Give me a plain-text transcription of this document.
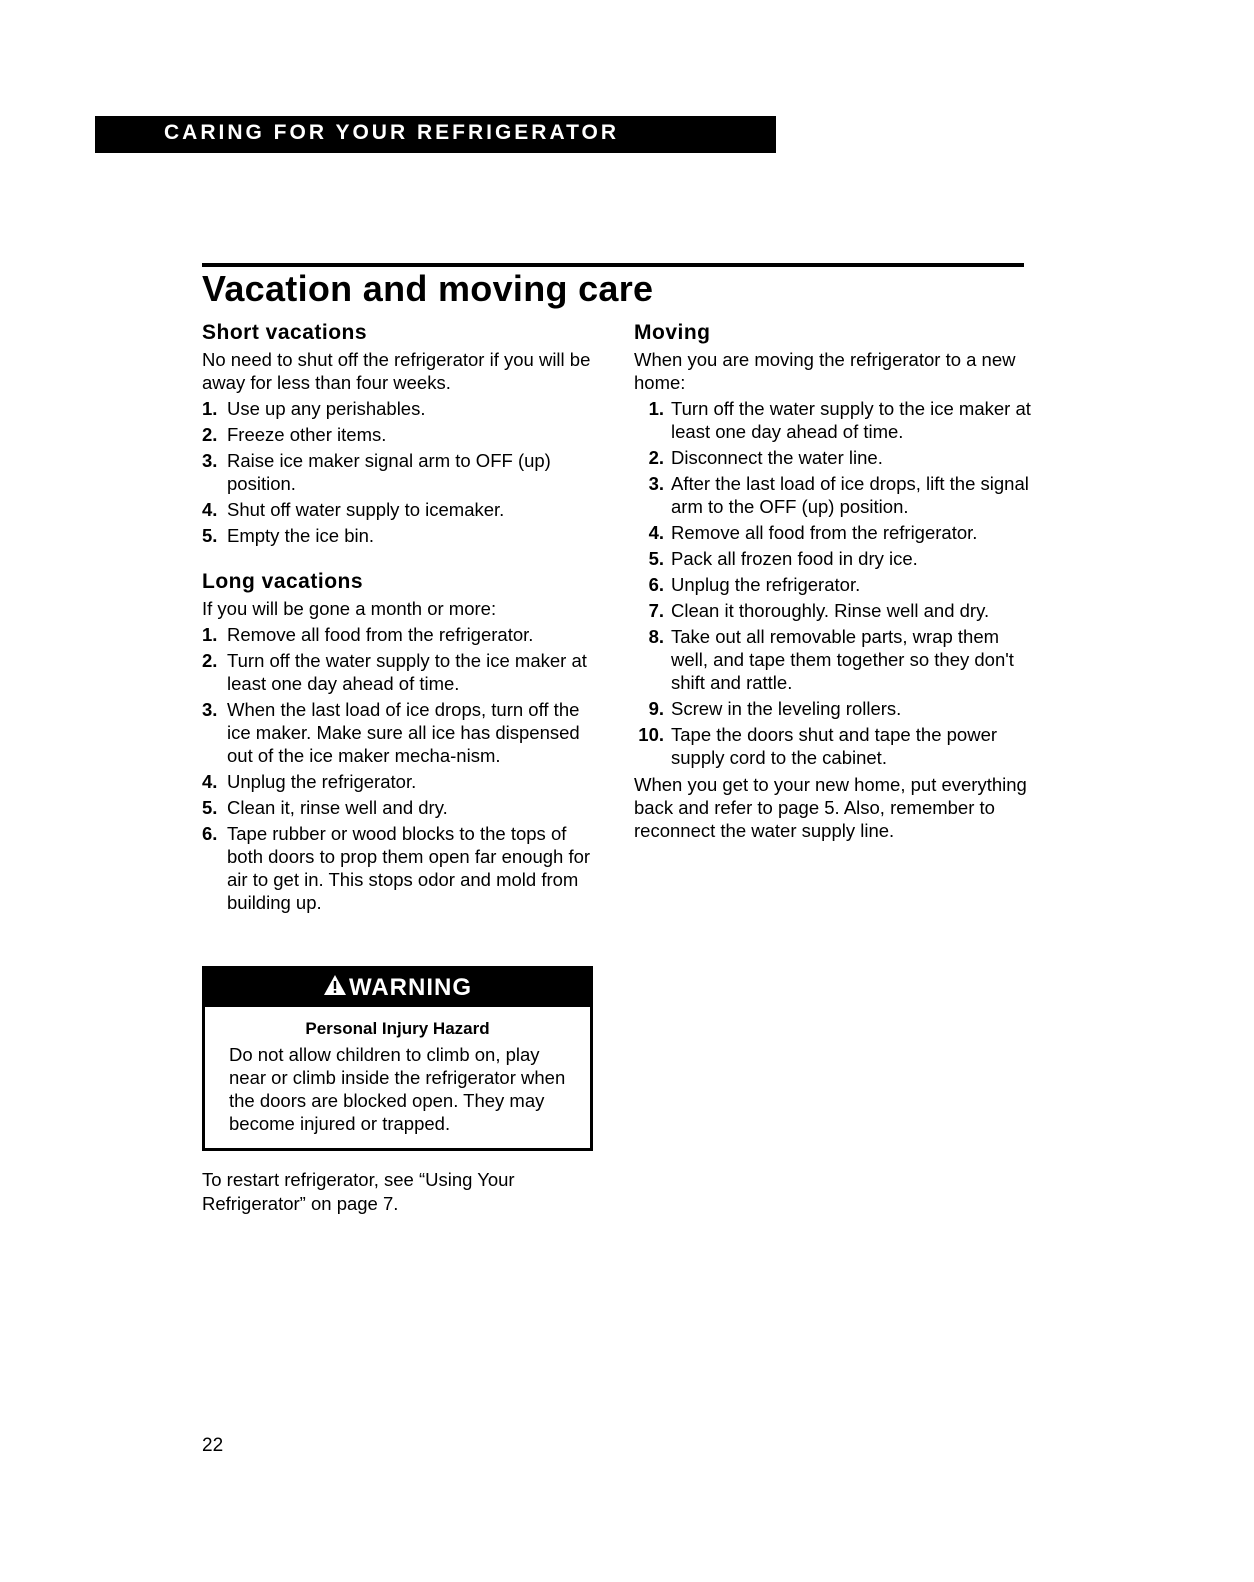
CARING FOR YOUR REFRIGERATOR
Vacation and moving care
Short vacations

No need to shut off the refrigerator if you will be away for less than four weeks.

1. Use up any perishables.
2. Freeze other items.
3. Raise ice maker signal arm to OFF (up) position.
4. Shut off water supply to icemaker.
5. Empty the ice bin.
Long vacations

If you will be gone a month or more:

1. Remove all food from the refrigerator.
2. Turn off the water supply to the ice maker at least one day ahead of time.
3. When the last load of ice drops, turn off the ice maker. Make sure all ice has dispensed out of the ice maker mecha-nism.
4. Unplug the refrigerator.
5. Clean it, rinse well and dry.
6. Tape rubber or wood blocks to the tops of both doors to prop them open far enough for air to get in. This stops odor and mold from building up.
WARNING
Personal Injury Hazard
Do not allow children to climb on, play near or climb inside the refrigerator when the doors are blocked open. They may become injured or trapped.
To restart refrigerator, see “Using Your Refrigerator” on page 7.
Moving

When you are moving the refrigerator to a new home:

1. Turn off the water supply to the ice maker at least one day ahead of time.
2. Disconnect the water line.
3. After the last load of ice drops, lift the signal arm to the OFF (up) position.
4. Remove all food from the refrigerator.
5. Pack all frozen food in dry ice.
6. Unplug the refrigerator.
7. Clean it thoroughly. Rinse well and dry.
8. Take out all removable parts, wrap them well, and tape them together so they don't shift and rattle.
9. Screw in the leveling rollers.
10. Tape the doors shut and tape the power supply cord to the cabinet.

When you get to your new home, put everything back and refer to page 5. Also, remember to reconnect the water supply line.

22
